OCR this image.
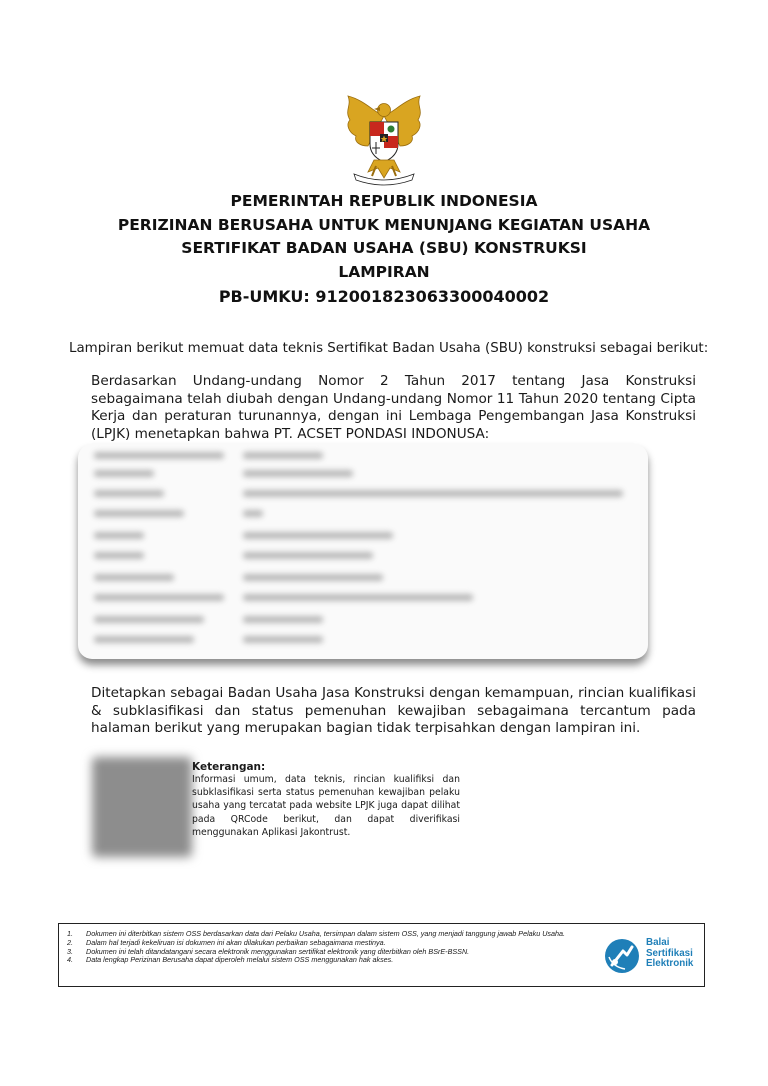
PEMERINTAH REPUBLIK INDONESIA
PERIZINAN BERUSAHA UNTUK MENUNJANG KEGIATAN USAHA
SERTIFIKAT BADAN USAHA (SBU) KONSTRUKSI
LAMPIRAN
PB-UMKU: 912001823063300040002
Lampiran berikut memuat data teknis Sertifikat Badan Usaha (SBU) konstruksi sebagai berikut:
Berdasarkan Undang-undang Nomor 2 Tahun 2017 tentang Jasa Konstruksi sebagaimana telah diubah dengan Undang-undang Nomor 11 Tahun 2020 tentang Cipta Kerja dan peraturan turunannya, dengan ini Lembaga Pengembangan Jasa Konstruksi (LPJK) menetapkan bahwa PT. ACSET PONDASI INDONUSA:
Ditetapkan sebagai Badan Usaha Jasa Konstruksi dengan kemampuan, rincian kualifikasi & subklasifikasi dan status pemenuhan kewajiban sebagaimana tercantum pada halaman berikut yang merupakan bagian tidak terpisahkan dengan lampiran ini.
Keterangan:
Informasi umum, data teknis, rincian kualifiksi dan subklasifikasi serta status pemenuhan kewajiban pelaku usaha yang tercatat pada website LPJK juga dapat dilihat pada QRCode berikut, dan dapat diverifikasi menggunakan Aplikasi Jakontrust.
1. Dokumen ini diterbitkan sistem OSS berdasarkan data dari Pelaku Usaha, tersimpan dalam sistem OSS, yang menjadi tanggung jawab Pelaku Usaha.
2. Dalam hal terjadi kekeliruan isi dokumen ini akan dilakukan perbaikan sebagaimana mestinya.
3. Dokumen ini telah ditandatangani secara elektronik menggunakan sertifikat elektronik yang diterbitkan oleh BSrE-BSSN.
4. Data lengkap Perizinan Berusaha dapat diperoleh melalui sistem OSS menggunakan hak akses.
Balai
Sertifikasi
Elektronik
